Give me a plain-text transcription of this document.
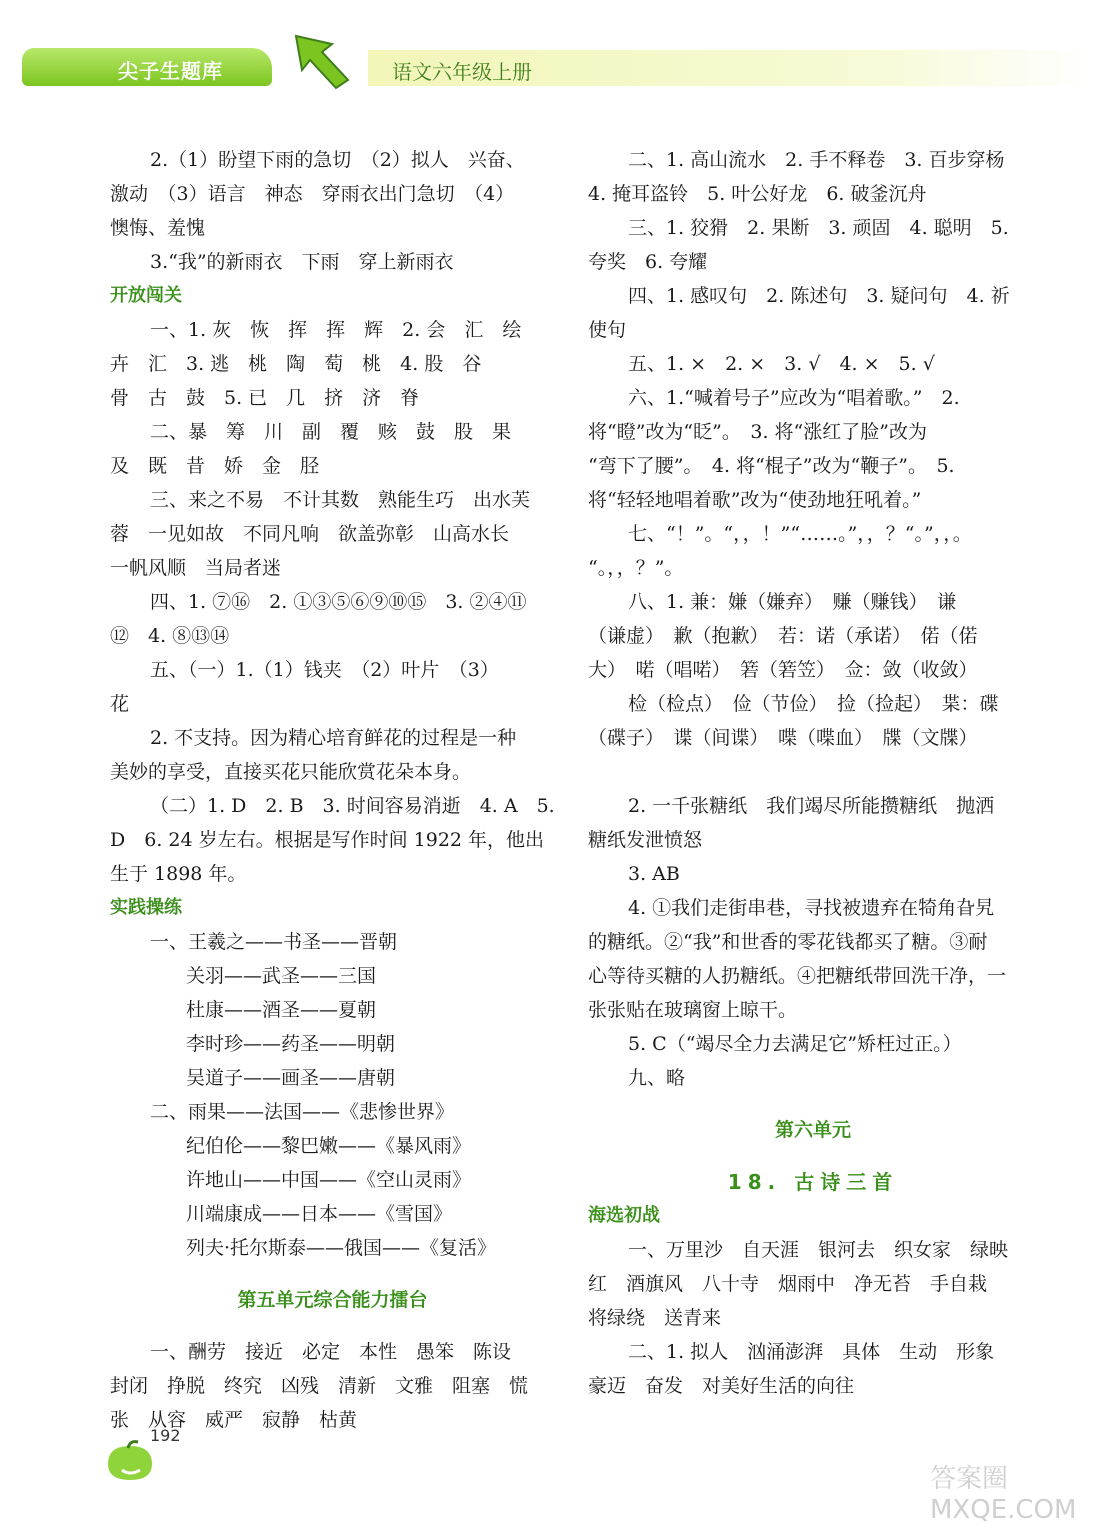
尖子生题库	语文六年级上册
2.（1）盼望下雨的急切　（2）拟人　兴奋、
激动　（3）语言　神态　穿雨衣出门急切　（4）
懊悔、羞愧
3.“我”的新雨衣　下雨　穿上新雨衣
开放闯关
一、1. 灰　恢　挥　挥　辉　2. 会　汇　绘
卉　汇　3. 逃　桃　陶　萄　桃　4. 股　谷
骨　古　鼓　5. 已　几　挤　济　脊
二、暴　筹　川　副　覆　赅　鼓　股　果
及　既　昔　娇　金　胫
三、来之不易　不计其数　熟能生巧　出水芙
蓉　一见如故　不同凡响　欲盖弥彰　山高水长
一帆风顺　当局者迷
四、1. ⑦⑯　2. ①③⑤⑥⑨⑩⑮　3. ②④⑪
⑫　4. ⑧⑬⑭
五、（一）1.（1）钱夹　（2）叶片　（3）
花
2. 不支持。因为精心培育鲜花的过程是一种
美妙的享受，直接买花只能欣赏花朵本身。
（二）1. D　2. B　3. 时间容易消逝　4. A　5.
D　6. 24 岁左右。根据是写作时间 1922 年，他出
生于 1898 年。
实践操练
一、王羲之——书圣——晋朝
关羽——武圣——三国
杜康——酒圣——夏朝
李时珍——药圣——明朝
吴道子——画圣——唐朝
二、雨果——法国——《悲惨世界》
纪伯伦——黎巴嫩——《暴风雨》
许地山——中国——《空山灵雨》
川端康成——日本——《雪国》
列夫·托尔斯泰——俄国——《复活》
第五单元综合能力擂台
一、酬劳　接近　必定　本性　愚笨　陈设
封闭　挣脱　终究　凶残　清新　文雅　阻塞　慌
张　从容　威严　寂静　枯黄
二、1. 高山流水　2. 手不释卷　3. 百步穿杨
4. 掩耳盗铃　5. 叶公好龙　6. 破釜沉舟
三、1. 狡猾　2. 果断　3. 顽固　4. 聪明　5.
夸奖　6. 夸耀
四、1. 感叹句　2. 陈述句　3. 疑问句　4. 祈
使句
五、1. ×　2. ×　3. √　4. ×　5. √
六、1.“喊着号子”应改为“唱着歌。”　2.
将“瞪”改为“眨”。　3. 将“涨红了脸”改为
“弯下了腰”。　4. 将“棍子”改为“鞭子”。　5.
将“轻轻地唱着歌”改为“使劲地狂吼着。”
七、“！”。“，，！”“……。”，，？“。”，，。
“。，，？”。
八、1. 兼：嫌（嫌弃）　赚（赚钱）　谦
（谦虚）　歉（抱歉）　若：诺（承诺）　偌（偌
大）　喏（唱喏）　箬（箬笠）　佥：敛（收敛）
检（检点）　俭（节俭）　捡（捡起）　枼：碟
（碟子）　谍（间谍）　喋（喋血）　牒（文牒）
2. 一千张糖纸　我们竭尽所能攒糖纸　抛洒
糖纸发泄愤怒
3. AB
4. ①我们走街串巷，寻找被遗弃在犄角旮旯
的糖纸。②“我”和世香的零花钱都买了糖。③耐
心等待买糖的人扔糖纸。④把糖纸带回洗干净，一
张张贴在玻璃窗上晾干。
5. C（“竭尽全力去满足它”矫枉过正。）
九、略
第六单元
18. 古诗三首
海选初战
一、万里沙　自天涯　银河去　织女家　绿映
红　酒旗风　八十寺　烟雨中　净无苔　手自栽
将绿绕　送青来
二、1. 拟人　汹涌澎湃　具体　生动　形象
豪迈　奋发　对美好生活的向往
192
答案圈 MXQE.COM
